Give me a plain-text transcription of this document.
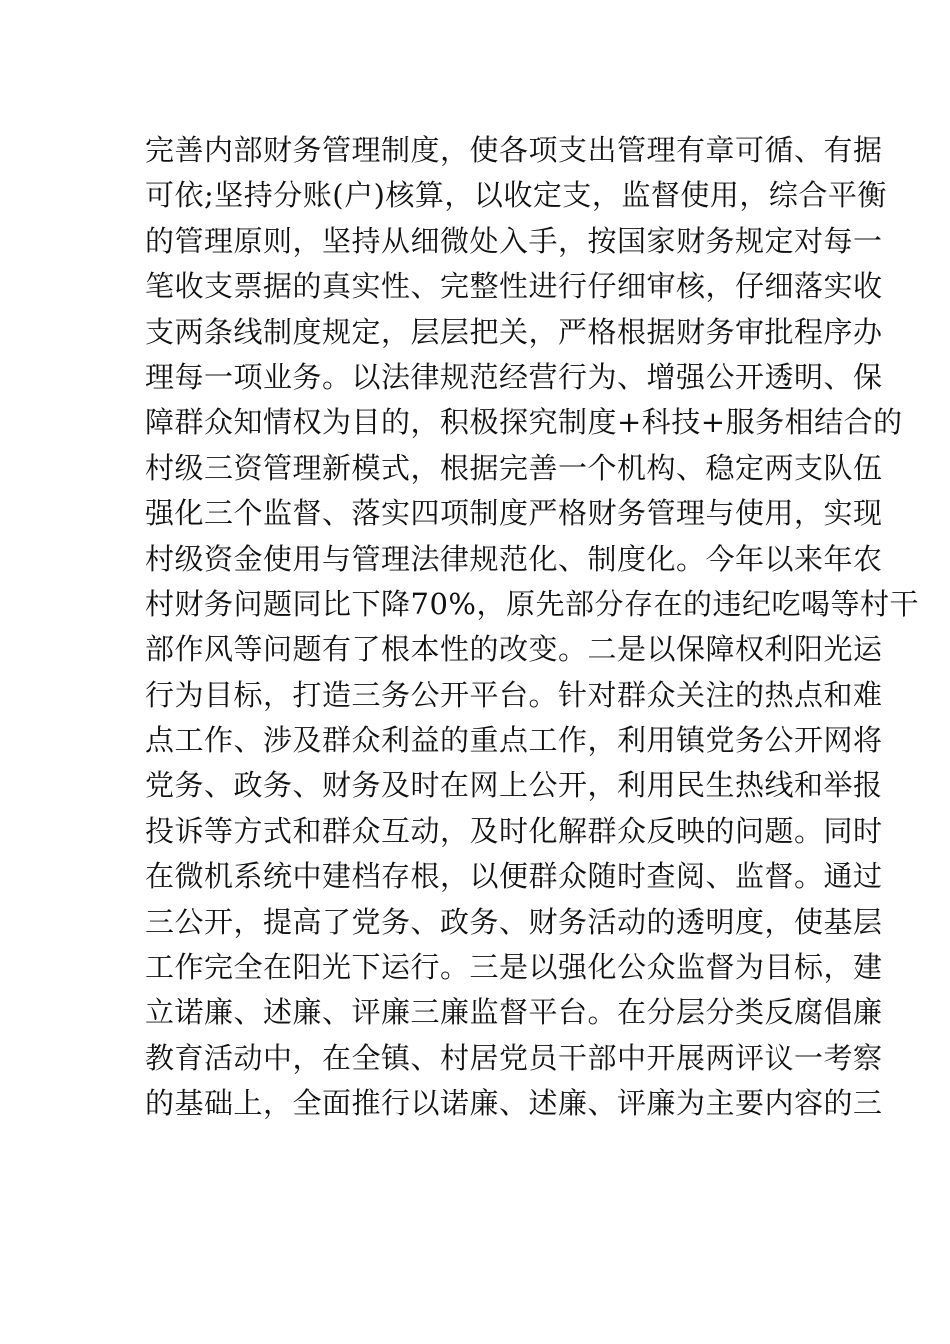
完善内部财务管理制度，使各项支出管理有章可循、有据
可依;坚持分账(户)核算，以收定支，监督使用，综合平衡
的管理原则，坚持从细微处入手，按国家财务规定对每一
笔收支票据的真实性、完整性进行仔细审核，仔细落实收
支两条线制度规定，层层把关，严格根据财务审批程序办
理每一项业务。以法律规范经营行为、增强公开透明、保
障群众知情权为目的，积极探究制度+科技+服务相结合的
村级三资管理新模式，根据完善一个机构、稳定两支队伍
强化三个监督、落实四项制度严格财务管理与使用，实现
村级资金使用与管理法律规范化、制度化。今年以来年农
村财务问题同比下降70%，原先部分存在的违纪吃喝等村干
部作风等问题有了根本性的改变。二是以保障权利阳光运
行为目标，打造三务公开平台。针对群众关注的热点和难
点工作、涉及群众利益的重点工作，利用镇党务公开网将
党务、政务、财务及时在网上公开，利用民生热线和举报
投诉等方式和群众互动，及时化解群众反映的问题。同时
在微机系统中建档存根，以便群众随时查阅、监督。通过
三公开，提高了党务、政务、财务活动的透明度，使基层
工作完全在阳光下运行。三是以强化公众监督为目标，建
立诺廉、述廉、评廉三廉监督平台。在分层分类反腐倡廉
教育活动中，在全镇、村居党员干部中开展两评议一考察
的基础上，全面推行以诺廉、述廉、评廉为主要内容的三
